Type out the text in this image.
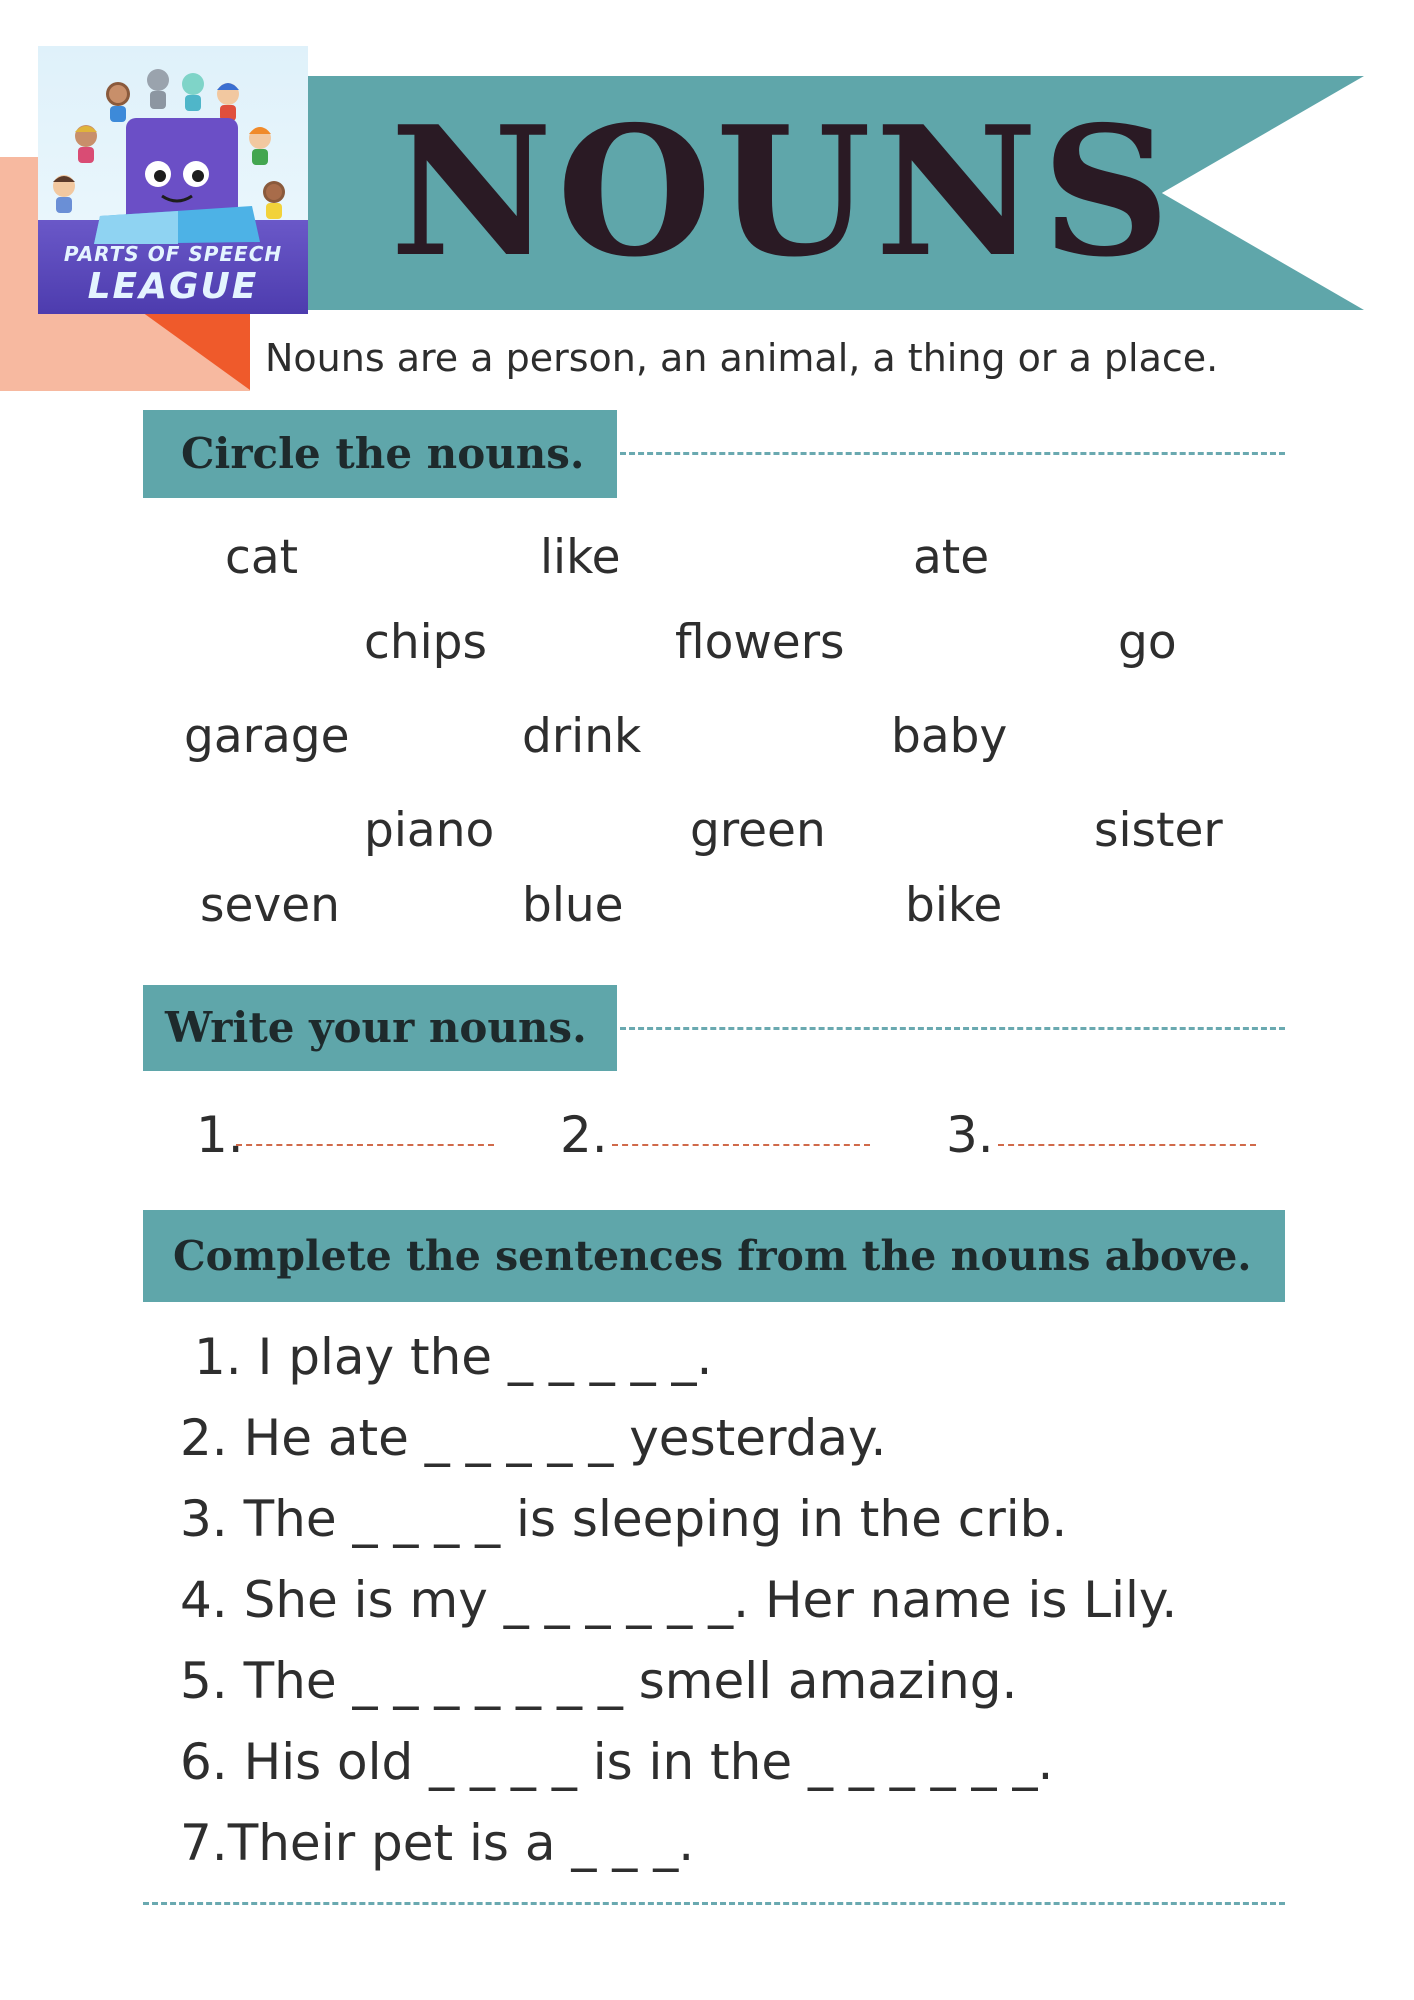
NOUNS
PARTS OF SPEECH
LEAGUE
Nouns are a person, an animal, a thing or a place.
Circle the nouns.
cat	like	ate
chips	flowers	go
garage	drink	baby
piano	green	sister
seven	blue	bike
Write your nouns.
1.	2.	3.
Complete the sentences from the nouns above.
1. I play the _ _ _ _ _.
2. He ate _ _ _ _ _ yesterday.
3. The _ _ _ _ is sleeping in the crib.
4. She is my _ _ _ _ _ _. Her name is Lily.
5. The _ _ _ _ _ _ _ smell amazing.
6. His old _ _ _ _ is in the _ _ _ _ _ _.
7.Their pet is a _ _ _.
